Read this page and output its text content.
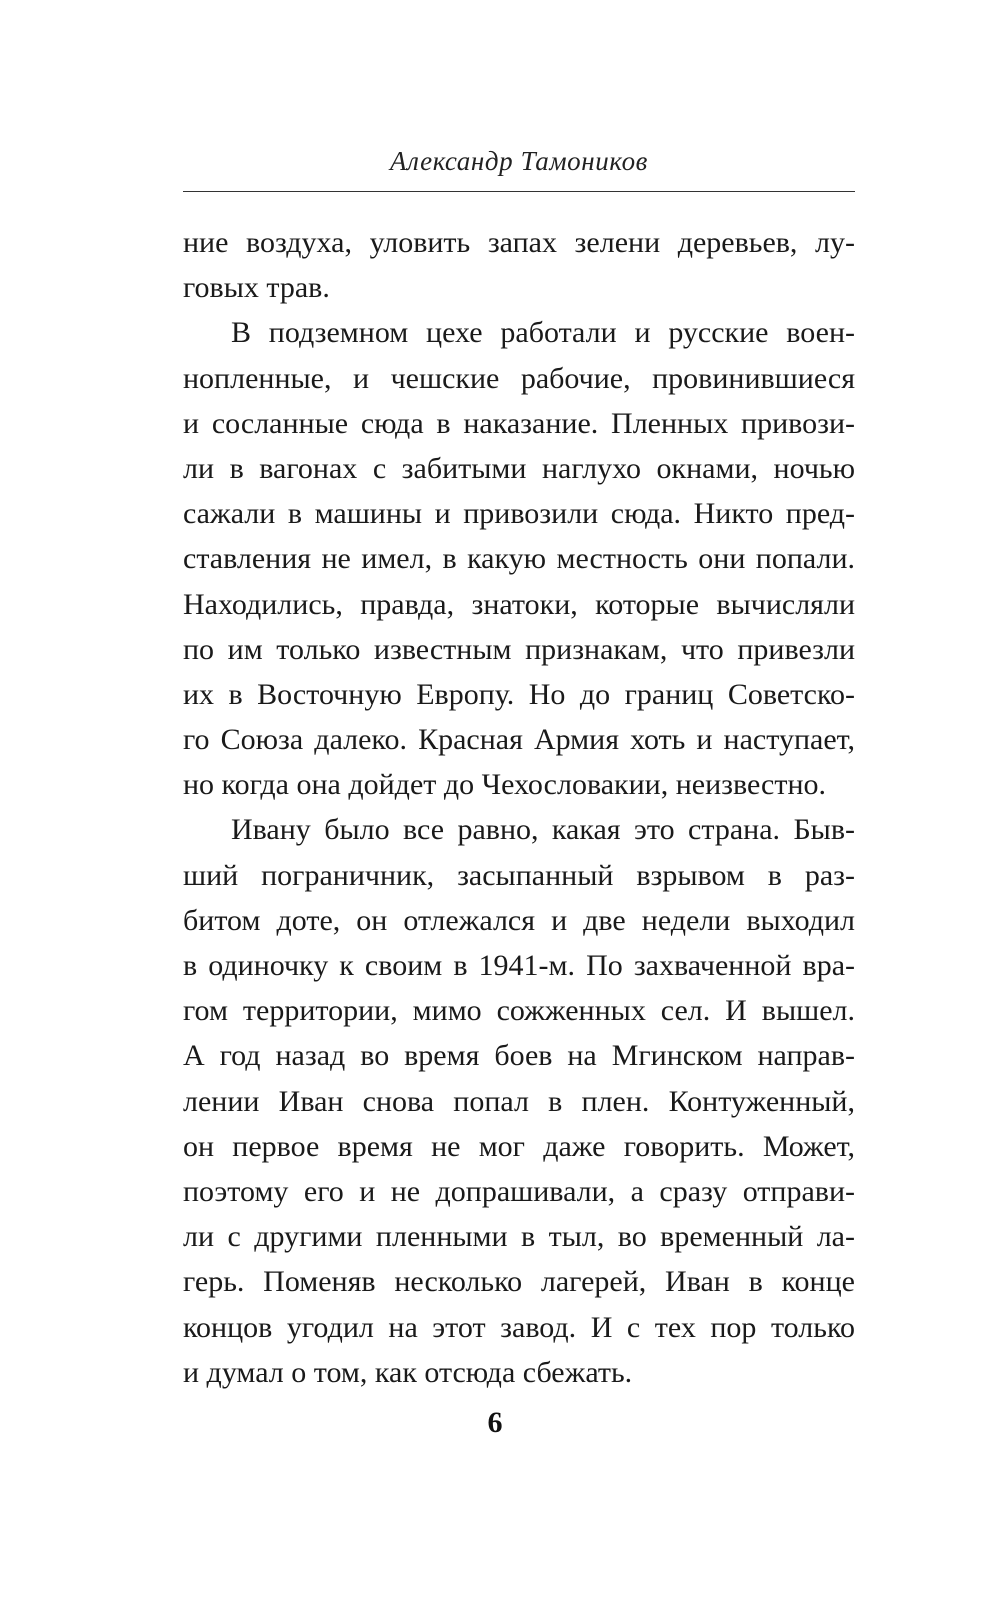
Александр Тамоников
ние воздуха, уловить запах зелени деревьев, лу-
говых трав.
В подземном цехе работали и русские воен-
нопленные, и чешские рабочие, провинившиеся
и сосланные сюда в наказание. Пленных привози-
ли в вагонах с забитыми наглухо окнами, ночью
сажали в машины и привозили сюда. Никто пред-
ставления не имел, в какую местность они попали.
Находились, правда, знатоки, которые вычисляли
по им только известным признакам, что привезли
их в Восточную Европу. Но до границ Советско-
го Союза далеко. Красная Армия хоть и наступает,
но когда она дойдет до Чехословакии, неизвестно.
Ивану было все равно, какая это страна. Быв-
ший пограничник, засыпанный взрывом в раз-
битом доте, он отлежался и две недели выходил
в одиночку к своим в 1941-м. По захваченной вра-
гом территории, мимо сожженных сел. И вышел.
А год назад во время боев на Мгинском направ-
лении Иван снова попал в плен. Контуженный,
он первое время не мог даже говорить. Может,
поэтому его и не допрашивали, а сразу отправи-
ли с другими пленными в тыл, во временный ла-
герь. Поменяв несколько лагерей, Иван в конце
концов угодил на этот завод. И с тех пор только
и думал о том, как отсюда сбежать.
6
